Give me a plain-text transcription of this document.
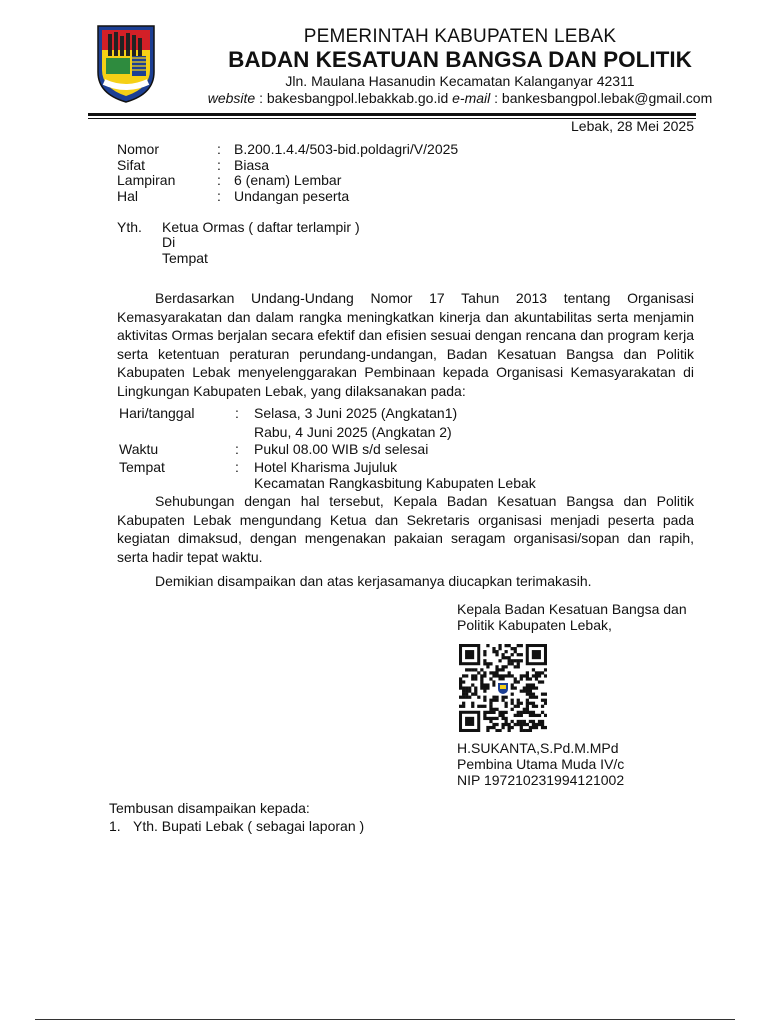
PEMERINTAH KABUPATEN LEBAK
BADAN KESATUAN BANGSA DAN POLITIK
Jln. Maulana Hasanudin Kecamatan Kalanganyar 42311
website : bakesbangpol.lebakkab.go.id e-mail : bankesbangpol.lebak@gmail.com
Lebak, 28 Mei 2025
Nomor	: B.200.1.4.4/503-bid.poldagri/V/2025
Sifat	: Biasa
Lampiran	: 6 (enam) Lembar
Hal	: Undangan peserta
Yth. Ketua Ormas ( daftar terlampir )
Di
Tempat
Berdasarkan Undang-Undang Nomor 17 Tahun 2013 tentang Organisasi Kemasyarakatan dan dalam rangka meningkatkan kinerja dan akuntabilitas serta menjamin aktivitas Ormas berjalan secara efektif dan efisien sesuai dengan rencana dan program kerja serta ketentuan peraturan perundang-undangan, Badan Kesatuan Bangsa dan Politik Kabupaten Lebak menyelenggarakan Pembinaan kepada Organisasi Kemasyarakatan di Lingkungan Kabupaten Lebak, yang dilaksanakan pada:
Hari/tanggal	: Selasa, 3 Juni 2025 (Angkatan1)
Rabu, 4 Juni 2025 (Angkatan 2)
Waktu	: Pukul 08.00 WIB s/d selesai
Tempat	: Hotel Kharisma Jujuluk
Kecamatan Rangkasbitung Kabupaten Lebak
Sehubungan dengan hal tersebut, Kepala Badan Kesatuan Bangsa dan Politik Kabupaten Lebak mengundang Ketua dan Sekretaris organisasi menjadi peserta pada kegiatan dimaksud, dengan mengenakan pakaian seragam organisasi/sopan dan rapih, serta hadir tepat waktu.
Demikian disampaikan dan atas kerjasamanya diucapkan terimakasih.
Kepala Badan Kesatuan Bangsa dan
Politik Kabupaten Lebak,
H.SUKANTA,S.Pd.M.MPd
Pembina Utama Muda IV/c
NIP 197210231994121002
Tembusan disampaikan kepada:
1. Yth. Bupati Lebak ( sebagai laporan )
